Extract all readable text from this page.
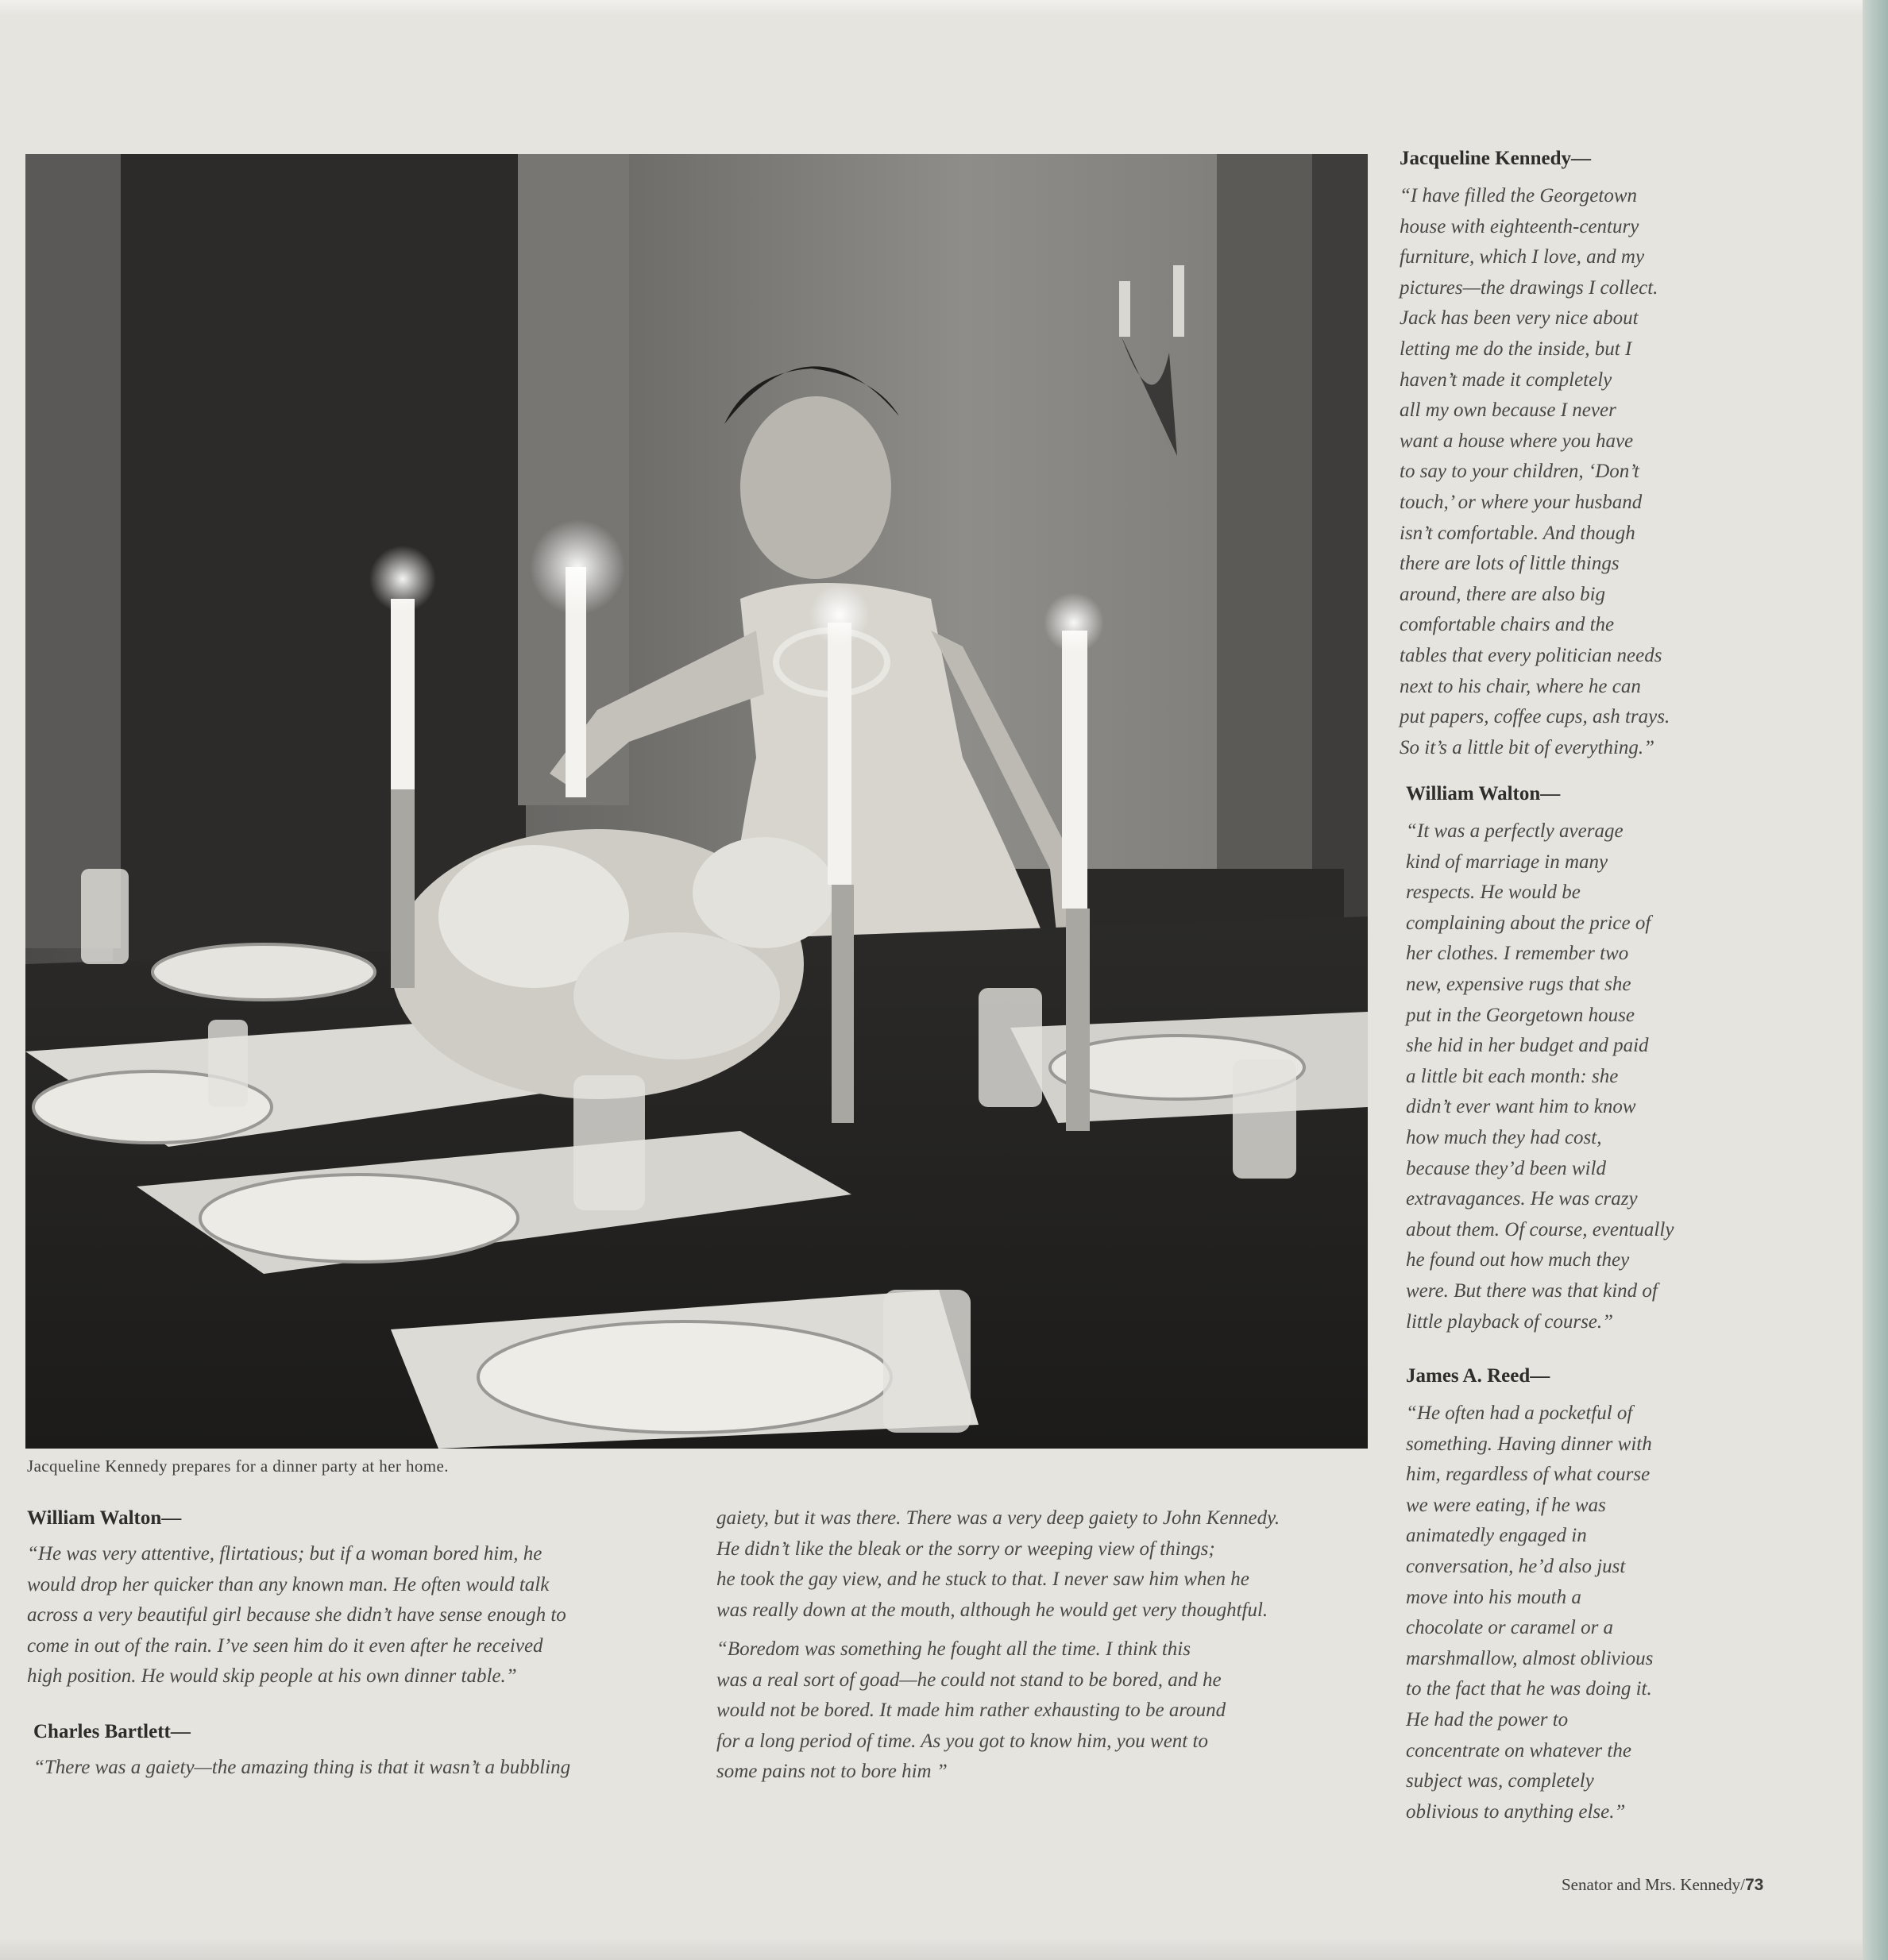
Jacqueline Kennedy prepares for a dinner party at her home.
Jacqueline Kennedy—
“I have filled the Georgetown
house with eighteenth-century
furniture, which I love, and my
pictures—the drawings I collect.
Jack has been very nice about
letting me do the inside, but I
haven’t made it completely
all my own because I never
want a house where you have
to say to your children, ‘Don’t
touch,’ or where your husband
isn’t comfortable. And though
there are lots of little things
around, there are also big
comfortable chairs and the
tables that every politician needs
next to his chair, where he can
put papers, coffee cups, ash trays.
So it’s a little bit of everything.”
William Walton—
“It was a perfectly average
kind of marriage in many
respects. He would be
complaining about the price of
her clothes. I remember two
new, expensive rugs that she
put in the Georgetown house
she hid in her budget and paid
a little bit each month: she
didn’t ever want him to know
how much they had cost,
because they’d been wild
extravagances. He was crazy
about them. Of course, eventually
he found out how much they
were. But there was that kind of
little playback of course.”
James A. Reed—
“He often had a pocketful of
something. Having dinner with
him, regardless of what course
we were eating, if he was
animatedly engaged in
conversation, he’d also just
move into his mouth a
chocolate or caramel or a
marshmallow, almost oblivious
to the fact that he was doing it.
He had the power to
concentrate on whatever the
subject was, completely
oblivious to anything else.”
William Walton—
“He was very attentive, flirtatious; but if a woman bored him, he
would drop her quicker than any known man. He often would talk
across a very beautiful girl because she didn’t have sense enough to
come in out of the rain. I’ve seen him do it even after he received
high position. He would skip people at his own dinner table.”
Charles Bartlett—
“There was a gaiety—the amazing thing is that it wasn’t a bubbling
gaiety, but it was there. There was a very deep gaiety to John Kennedy.
He didn’t like the bleak or the sorry or weeping view of things;
he took the gay view, and he stuck to that. I never saw him when he
was really down at the mouth, although he would get very thoughtful.
“Boredom was something he fought all the time. I think this
was a real sort of goad—he could not stand to be bored, and he
would not be bored. It made him rather exhausting to be around
for a long period of time. As you got to know him, you went to
some pains not to bore him ”
Senator and Mrs. Kennedy/73
